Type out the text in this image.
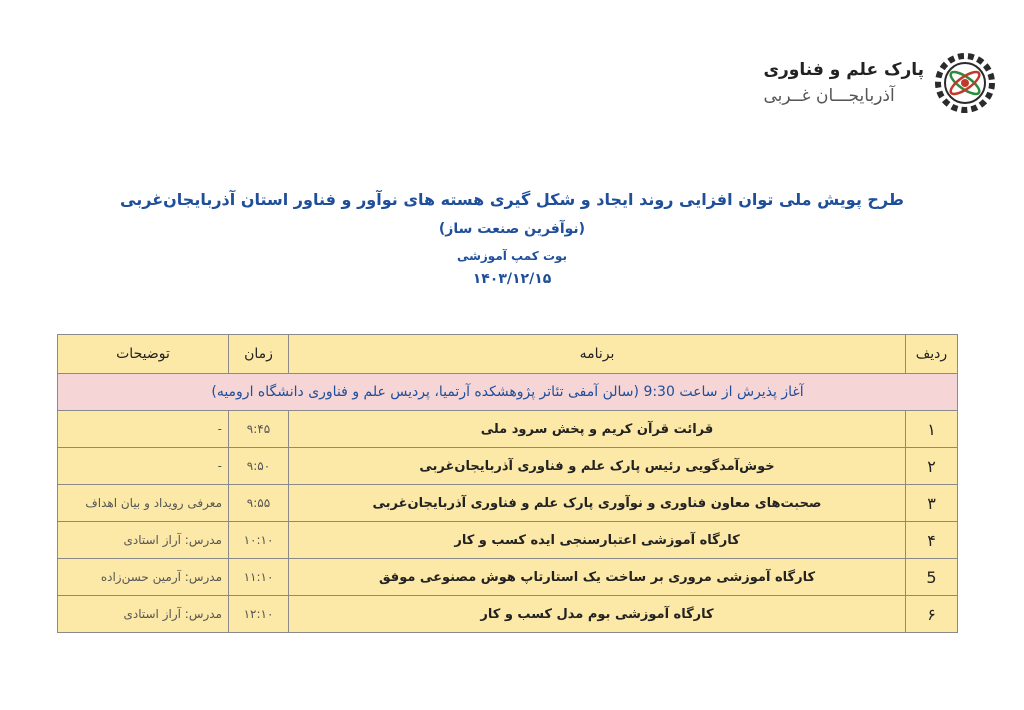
پارک علم و فناوری
آذربایجـــان غــربی
طرح پویش ملی توان افزایی روند ایجاد و شکل گیری هسته های نوآور و فناور استان آذربایجان‌غربی
(نوآفرین صنعت ساز)
بوت کمپ آموزشی
۱۴۰۳/۱۲/۱۵
ردیف	برنامه	زمان	توضیحات
آغاز پذیرش از ساعت 9:30 (سالن آمفی تئاتر پژوهشکده آرتمیا، پردیس علم و فناوری دانشگاه ارومیه)			
۱	قرائت قرآن کریم و پخش سرود ملی	۹:۴۵	-
۲	خوش‌آمدگویی رئیس پارک علم و فناوری آذربایجان‌غربی	۹:۵۰	-
۳	صحبت‌های معاون فناوری و نوآوری پارک علم و فناوری آذربایجان‌غربی	۹:۵۵	معرفی رویداد و بیان اهداف
۴	کارگاه آموزشی اعتبارسنجی ایده کسب و کار	۱۰:۱۰	مدرس: آراز استادی
5	کارگاه آموزشی مروری بر ساخت یک استارتاپ هوش مصنوعی موفق	۱۱:۱۰	مدرس: آرمین حسن‌زاده
۶	کارگاه آموزشی بوم مدل کسب و کار	۱۲:۱۰	مدرس: آراز استادی
